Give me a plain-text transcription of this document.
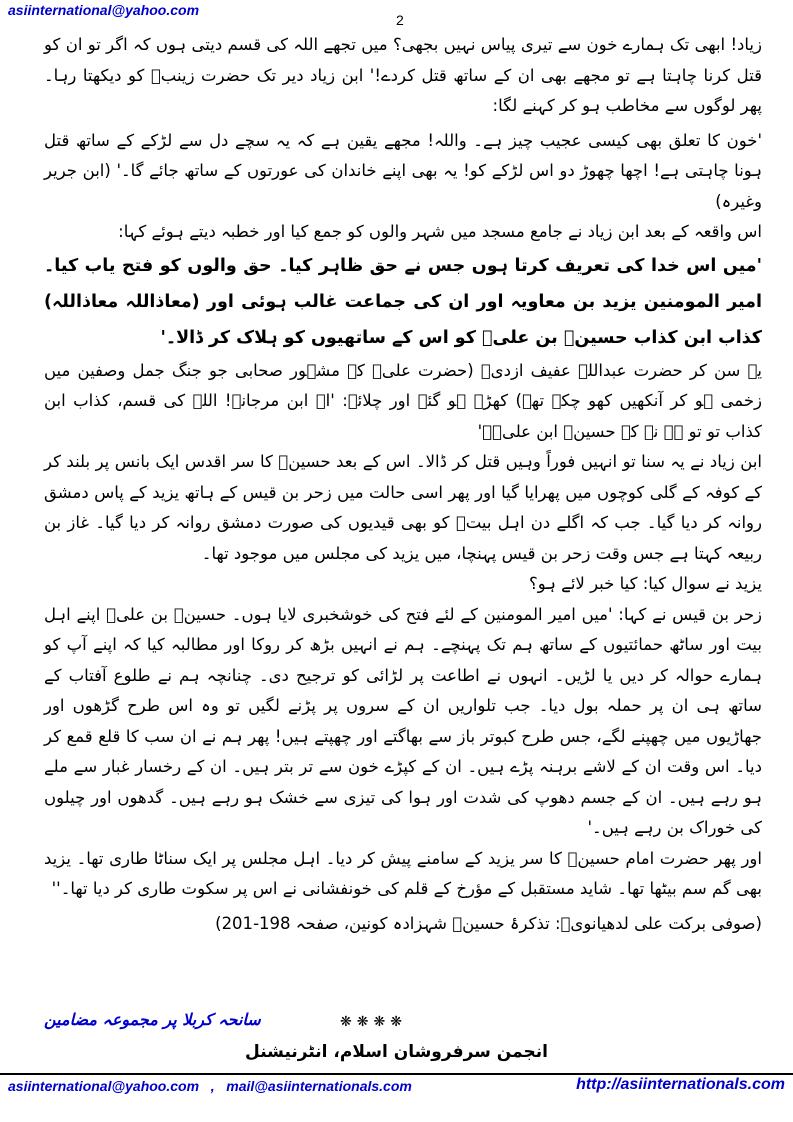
asiinternational@yahoo.com
2

زیاد! ابھی تک ہمارے خون سے تیری پیاس نہیں بجھی؟ میں تجھے اللہ کی قسم دیتی ہوں کہ اگر تو ان کو قتل کرنا چاہتا ہے تو مجھے بھی ان کے ساتھ قتل کردے!' ابن زیاد دیر تک حضرت زینبؓ کو دیکھتا رہا۔ پھر لوگوں سے مخاطب ہو کر کہنے لگا:

'خون کا تعلق بھی کیسی عجیب چیز ہے۔ واللہ! مجھے یقین ہے کہ یہ سچے دل سے لڑکے کے ساتھ قتل ہونا چاہتی ہے! اچھا چھوڑ دو اس لڑکے کو! یہ بھی اپنے خاندان کی عورتوں کے ساتھ جائے گا۔' (ابن جریر وغیرہ)

اس واقعہ کے بعد ابن زیاد نے جامع مسجد میں شہر والوں کو جمع کیا اور خطبہ دیتے ہوئے کہا:

'میں اس خدا کی تعریف کرتا ہوں جس نے حق ظاہر کیا۔ حق والوں کو فتح یاب کیا۔ امیر المومنین یزید بن معاویہ اور ان کی جماعت غالب ہوئی اور (معاذاللہ معاذاللہ) کذاب ابن کذاب حسینؓ بن علیؓ کو اس کے ساتھیوں کو ہلاک کر ڈالا۔'

یہ سن کر حضرت عبداللہ عفیف ازدیؓ (حضرت علیؓ کے مشہور صحابی جو جنگ جمل وصفین میں زخمی ہو کر آنکھیں کھو چکے تھے) کھڑے ہو گئے اور چلائے: 'اے ابن مرجانہ! اللہ کی قسم، کذاب ابن کذاب تو تو ہے نہ کہ حسینؓ ابن علیؓ۔'

ابن زیاد نے یہ سنا تو انہیں فوراً وہیں قتل کر ڈالا۔ اس کے بعد حسینؓ کا سر اقدس ایک بانس پر بلند کر کے کوفہ کے گلی کوچوں میں پھرایا گیا اور پھر اسی حالت میں زحر بن قیس کے ہاتھ یزید کے پاس دمشق روانہ کر دیا گیا۔ جب کہ اگلے دن اہل بیتؓ کو بھی قیدیوں کی صورت دمشق روانہ کر دیا گیا۔ غاز بن ربیعہ کہتا ہے جس وقت زحر بن قیس پہنچا، میں یزید کی مجلس میں موجود تھا۔

یزید نے سوال کیا: کیا خبر لائے ہو؟

زحر بن قیس نے کہا: 'میں امیر المومنین کے لئے فتح کی خوشخبری لایا ہوں۔ حسینؓ بن علیؓ اپنے اہل بیت اور ساٹھ حمائتیوں کے ساتھ ہم تک پہنچے۔ ہم نے انہیں بڑھ کر روکا اور مطالبہ کیا کہ اپنے آپ کو ہمارے حوالہ کر دیں یا لڑیں۔ انہوں نے اطاعت پر لڑائی کو ترجیح دی۔ چنانچہ ہم نے طلوع آفتاب کے ساتھ ہی ان پر حملہ بول دیا۔ جب تلواریں ان کے سروں پر پڑنے لگیں تو وہ اس طرح گڑھوں اور جھاڑیوں میں چھپنے لگے، جس طرح کبوتر باز سے بھاگتے اور چھپتے ہیں! پھر ہم نے ان سب کا قلع قمع کر دیا۔ اس وقت ان کے لاشے برہنہ پڑے ہیں۔ ان کے کپڑے خون سے تر بتر ہیں۔ ان کے رخسار غبار سے ملے ہو رہے ہیں۔ ان کے جسم دھوپ کی شدت اور ہوا کی تیزی سے خشک ہو رہے ہیں۔ گدھوں اور چیلوں کی خوراک بن رہے ہیں۔'

اور پھر حضرت امام حسینؓ کا سر یزید کے سامنے پیش کر دیا۔ اہل مجلس پر ایک سناٹا طاری تھا۔ یزید بھی گم سم بیٹھا تھا۔ شاید مستقبل کے مؤرخ کے قلم کی خونفشانی نے اس پر سکوت طاری کر دیا تھا۔''

(صوفی برکت علی لدھیانویؒ: تذکرۂ حسینؓ شہزادہ کونین، صفحہ 198-201)

سانحہ کربلا پر مجموعہ مضامین	❋❋❋❋
انجمن سرفروشان اسلام، انٹرنیشنل
asiinternational@yahoo.com   ,   mail@asiinternationals.com	http://asiinternationals.com
